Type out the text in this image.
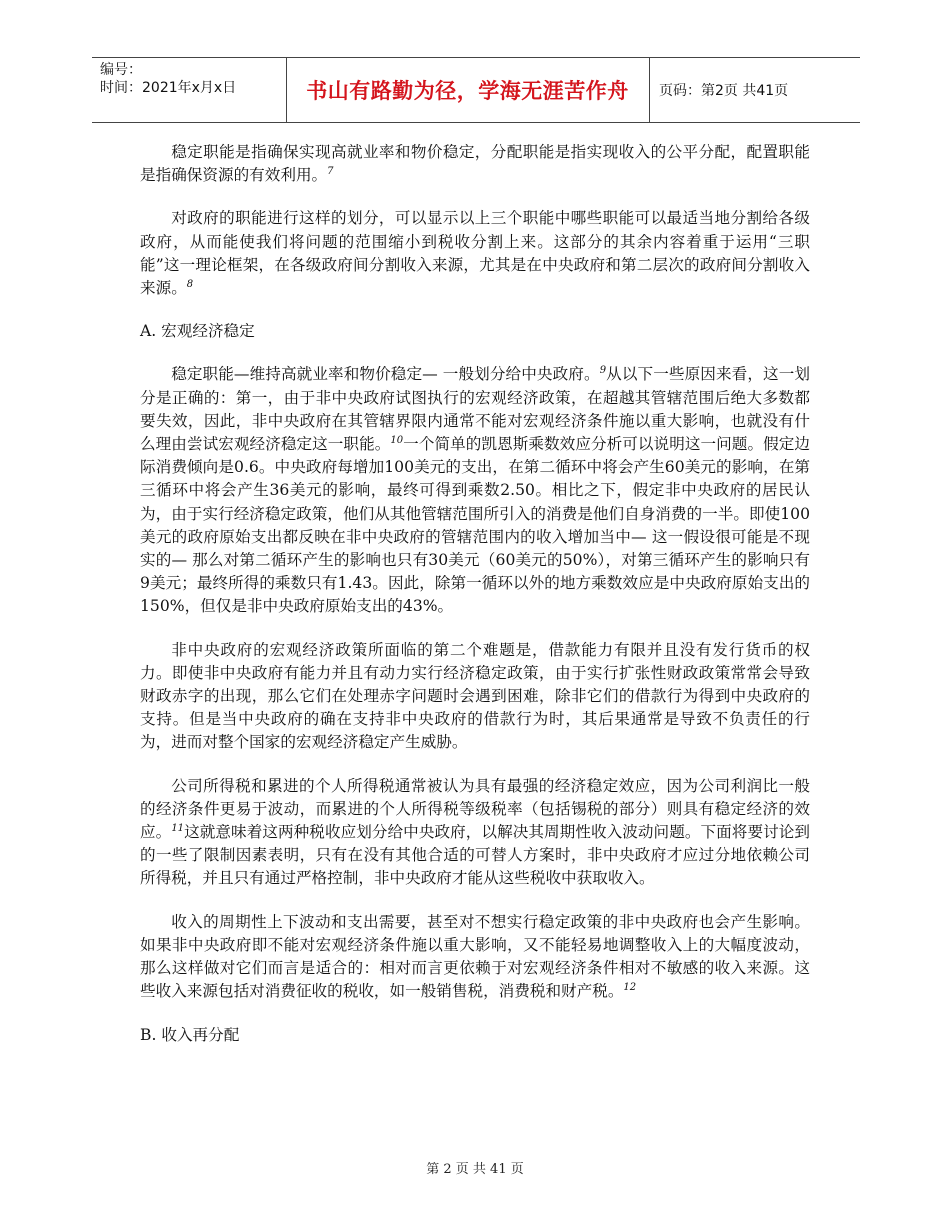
编号：
时间：2021年x月x日	书山有路勤为径，学海无涯苦作舟	页码：第2页 共41页

稳定职能是指确保实现高就业率和物价稳定，分配职能是指实现收入的公平分配，配置职能是指确保资源的有效利用。$^7$

对政府的职能进行这样的划分，可以显示以上三个职能中哪些职能可以最适当地分割给各级政府，从而能使我们将问题的范围缩小到税收分割上来。这部分的其余内容着重于运用“三职能”这一理论框架，在各级政府间分割收入来源，尤其是在中央政府和第二层次的政府间分割收入来源。$^8$

A. 宏观经济稳定

稳定职能—维持高就业率和物价稳定— 一般划分给中央政府。$^9$从以下一些原因来看，这一划分是正确的：第一，由于非中央政府试图执行的宏观经济政策，在超越其管辖范围后绝大多数都要失效，因此，非中央政府在其管辖界限内通常不能对宏观经济条件施以重大影响，也就没有什么理由尝试宏观经济稳定这一职能。$^{10}$一个简单的凯恩斯乘数效应分析可以说明这一问题。假定边际消费倾向是0.6。中央政府每增加100美元的支出，在第二循环中将会产生60美元的影响，在第三循环中将会产生36美元的影响，最终可得到乘数2.50。相比之下，假定非中央政府的居民认为，由于实行经济稳定政策，他们从其他管辖范围所引入的消费是他们自身消费的一半。即使100美元的政府原始支出都反映在非中央政府的管辖范围内的收入增加当中— 这一假设很可能是不现实的— 那么对第二循环产生的影响也只有30美元（60美元的50%），对第三循环产生的影响只有9美元；最终所得的乘数只有1.43。因此，除第一循环以外的地方乘数效应是中央政府原始支出的150%，但仅是非中央政府原始支出的43%。

非中央政府的宏观经济政策所面临的第二个难题是，借款能力有限并且没有发行货币的权力。即使非中央政府有能力并且有动力实行经济稳定政策，由于实行扩张性财政政策常常会导致财政赤字的出现，那么它们在处理赤字问题时会遇到困难，除非它们的借款行为得到中央政府的支持。但是当中央政府的确在支持非中央政府的借款行为时，其后果通常是导致不负责任的行为，进而对整个国家的宏观经济稳定产生威胁。

公司所得税和累进的个人所得税通常被认为具有最强的经济稳定效应，因为公司利润比一般的经济条件更易于波动，而累进的个人所得税等级税率（包括锡税的部分）则具有稳定经济的效应。$^{11}$这就意味着这两种税收应划分给中央政府，以解决其周期性收入波动问题。下面将要讨论到的一些了限制因素表明，只有在没有其他合适的可替人方案时，非中央政府才应过分地依赖公司所得税，并且只有通过严格控制，非中央政府才能从这些税收中获取收入。

收入的周期性上下波动和支出需要，甚至对不想实行稳定政策的非中央政府也会产生影响。如果非中央政府即不能对宏观经济条件施以重大影响，又不能轻易地调整收入上的大幅度波动，那么这样做对它们而言是适合的：相对而言更依赖于对宏观经济条件相对不敏感的收入来源。这些收入来源包括对消费征收的税收，如一般销售税，消费税和财产税。$^{12}$

B. 收入再分配
第 2 页 共 41 页
